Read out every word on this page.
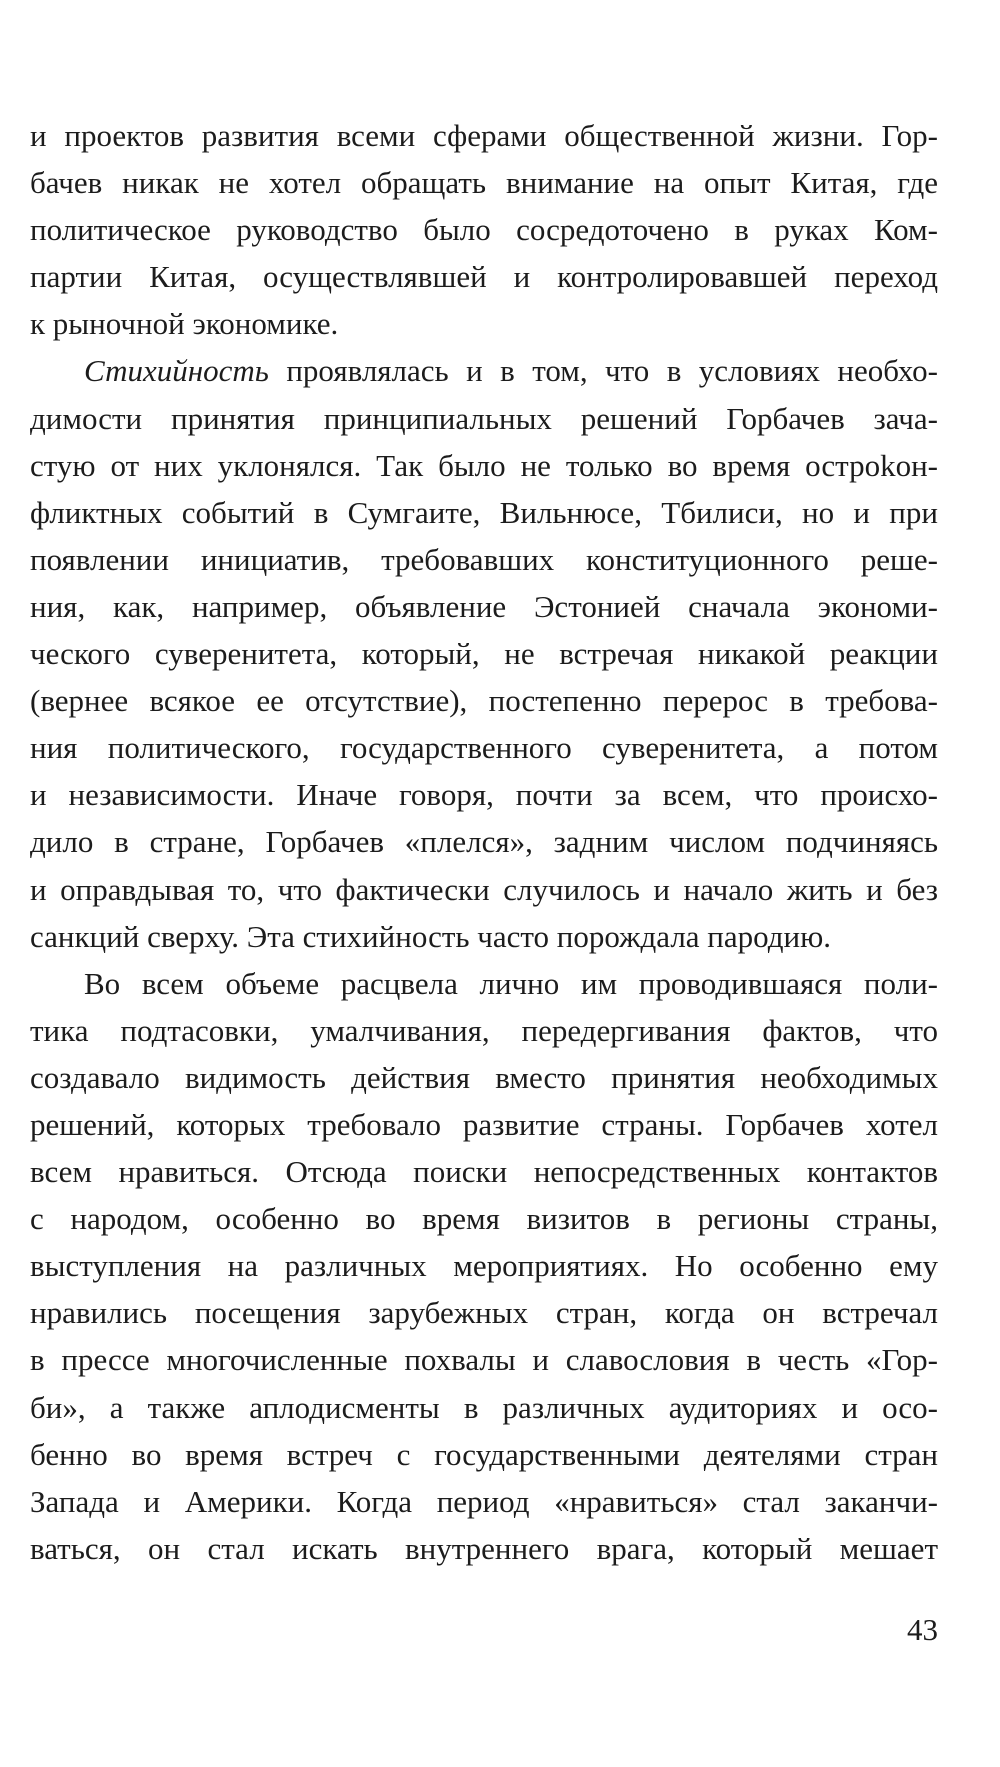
и проектов развития всеми сферами общественной жизни. Гор-
бачев никак не хотел обращать внимание на опыт Китая, где
политическое руководство было сосредоточено в руках Ком-
партии Китая, осуществлявшей и контролировавшей переход
к рыночной экономике.
Стихийность проявлялась и в том, что в условиях необхо-
димости принятия принципиальных решений Горбачев зача-
стую от них уклонялся. Так было не только во время остроkон-
фликтных событий в Сумгаите, Вильнюсе, Тбилиси, но и при
появлении инициатив, требовавших конституционного реше-
ния, как, например, объявление Эстонией сначала экономи-
ческого суверенитета, который, не встречая никакой реакции
(вернее всякое ее отсутствие), постепенно перерос в требова-
ния политического, государственного суверенитета, а потом
и независимости. Иначе говоря, почти за всем, что происхо-
дило в стране, Горбачев «плелся», задним числом подчиняясь
и оправдывая то, что фактически случилось и начало жить и без
санкций сверху. Эта стихийность часто порождала пародию.
Во всем объеме расцвела лично им проводившаяся поли-
тика подтасовки, умалчивания, передергивания фактов, что
создавало видимость действия вместо принятия необходимых
решений, которых требовало развитие страны. Горбачев хотел
всем нравиться. Отсюда поиски непосредственных контактов
с народом, особенно во время визитов в регионы страны,
выступления на различных мероприятиях. Но особенно ему
нравились посещения зарубежных стран, когда он встречал
в прессе многочисленные похвалы и славословия в честь «Гор-
би», а также аплодисменты в различных аудиториях и осо-
бенно во время встреч с государственными деятелями стран
Запада и Америки. Когда период «нравиться» стал заканчи-
ваться, он стал искать внутреннего врага, который мешает
43
